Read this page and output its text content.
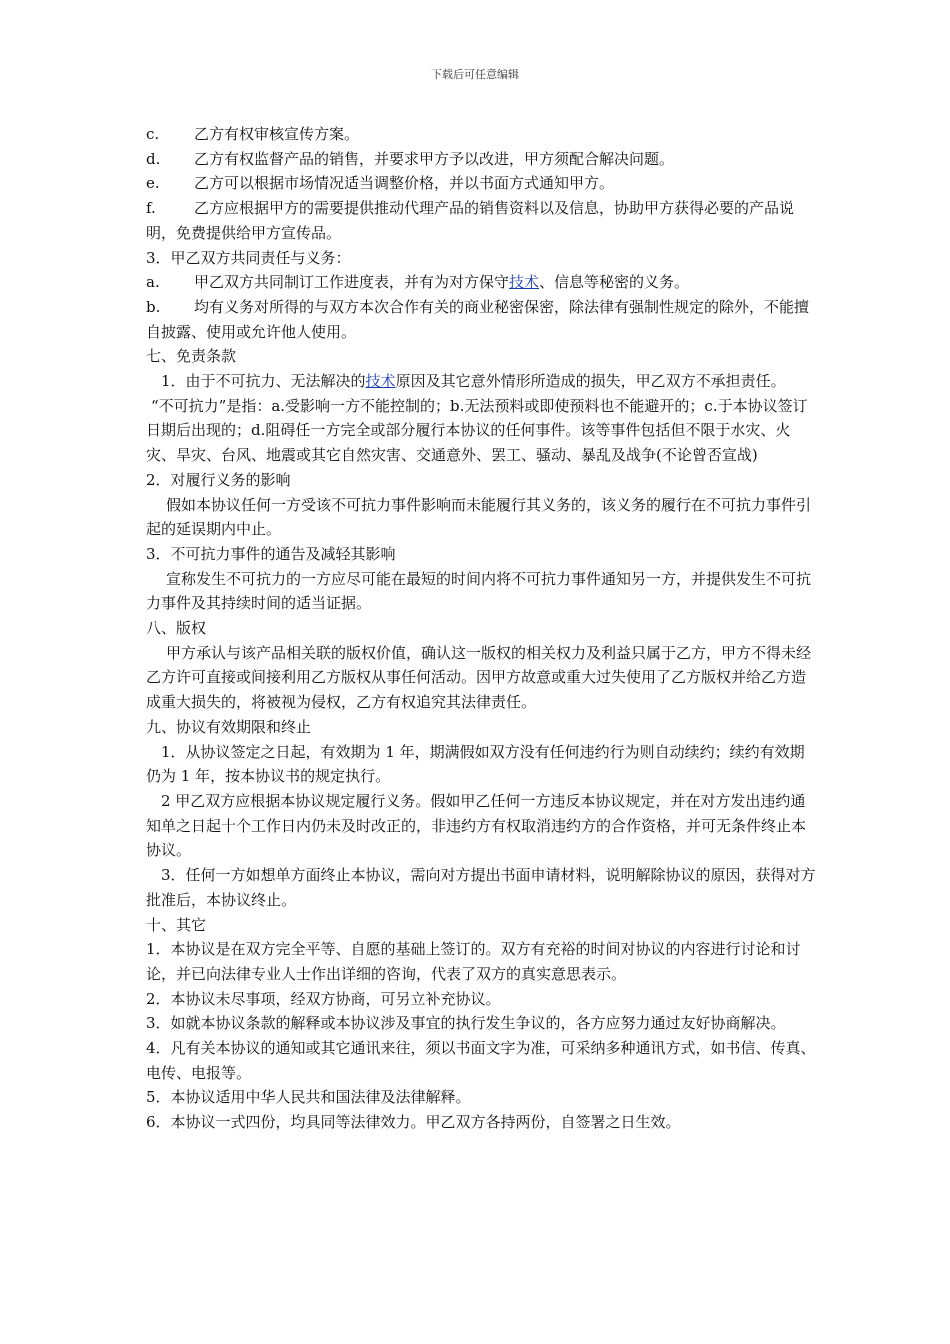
下载后可任意编辑

c. 乙方有权审核宣传方案。

d. 乙方有权监督产品的销售，并要求甲方予以改进，甲方须配合解决问题。

e. 乙方可以根据市场情况适当调整价格，并以书面方式通知甲方。

f.	乙方应根据甲方的需要提供推动代理产品的销售资料以及信息，协助甲方获得必要的产品说明，免费提供给甲方宣传品。

3．甲乙双方共同责任与义务：

a. 甲乙双方共同制订工作进度表，并有为对方保守技术、信息等秘密的义务。

b. 均有义务对所得的与双方本次合作有关的商业秘密保密，除法律有强制性规定的除外，不能擅自披露、使用或允许他人使用。

七、免责条款

1．由于不可抗力、无法解决的技术原因及其它意外情形所造成的损失，甲乙双方不承担责任。

“不可抗力”是指：a.受影响一方不能控制的；b.无法预料或即使预料也不能避开的；c.于本协议签订日期后出现的；d.阻碍任一方完全或部分履行本协议的任何事件。该等事件包括但不限于水灾、火灾、旱灾、台风、地震或其它自然灾害、交通意外、罢工、骚动、暴乱及战争(不论曾否宣战)

2．对履行义务的影响

假如本协议任何一方受该不可抗力事件影响而未能履行其义务的，该义务的履行在不可抗力事件引起的延误期内中止。

3．不可抗力事件的通告及减轻其影响

宣称发生不可抗力的一方应尽可能在最短的时间内将不可抗力事件通知另一方，并提供发生不可抗力事件及其持续时间的适当证据。

八、版权

甲方承认与该产品相关联的版权价值，确认这一版权的相关权力及利益只属于乙方，甲方不得未经乙方许可直接或间接利用乙方版权从事任何活动。因甲方故意或重大过失使用了乙方版权并给乙方造成重大损失的，将被视为侵权，乙方有权追究其法律责任。

九、协议有效期限和终止

1．从协议签定之日起，有效期为 1 年，期满假如双方没有任何违约行为则自动续约；续约有效期仍为 1 年，按本协议书的规定执行。

2 甲乙双方应根据本协议规定履行义务。假如甲乙任何一方违反本协议规定，并在对方发出违约通知单之日起十个工作日内仍未及时改正的，非违约方有权取消违约方的合作资格，并可无条件终止本协议。

3．任何一方如想单方面终止本协议，需向对方提出书面申请材料，说明解除协议的原因，获得对方批准后，本协议终止。

十、其它

1．本协议是在双方完全平等、自愿的基础上签订的。双方有充裕的时间对协议的内容进行讨论和讨论，并已向法律专业人士作出详细的咨询，代表了双方的真实意思表示。

2．本协议未尽事项，经双方协商，可另立补充协议。

3．如就本协议条款的解释或本协议涉及事宜的执行发生争议的，各方应努力通过友好协商解决。

4．凡有关本协议的通知或其它通讯来往，须以书面文字为准，可采纳多种通讯方式，如书信、传真、电传、电报等。

5．本协议适用中华人民共和国法律及法律解释。

6．本协议一式四份，均具同等法律效力。甲乙双方各持两份，自签署之日生效。
